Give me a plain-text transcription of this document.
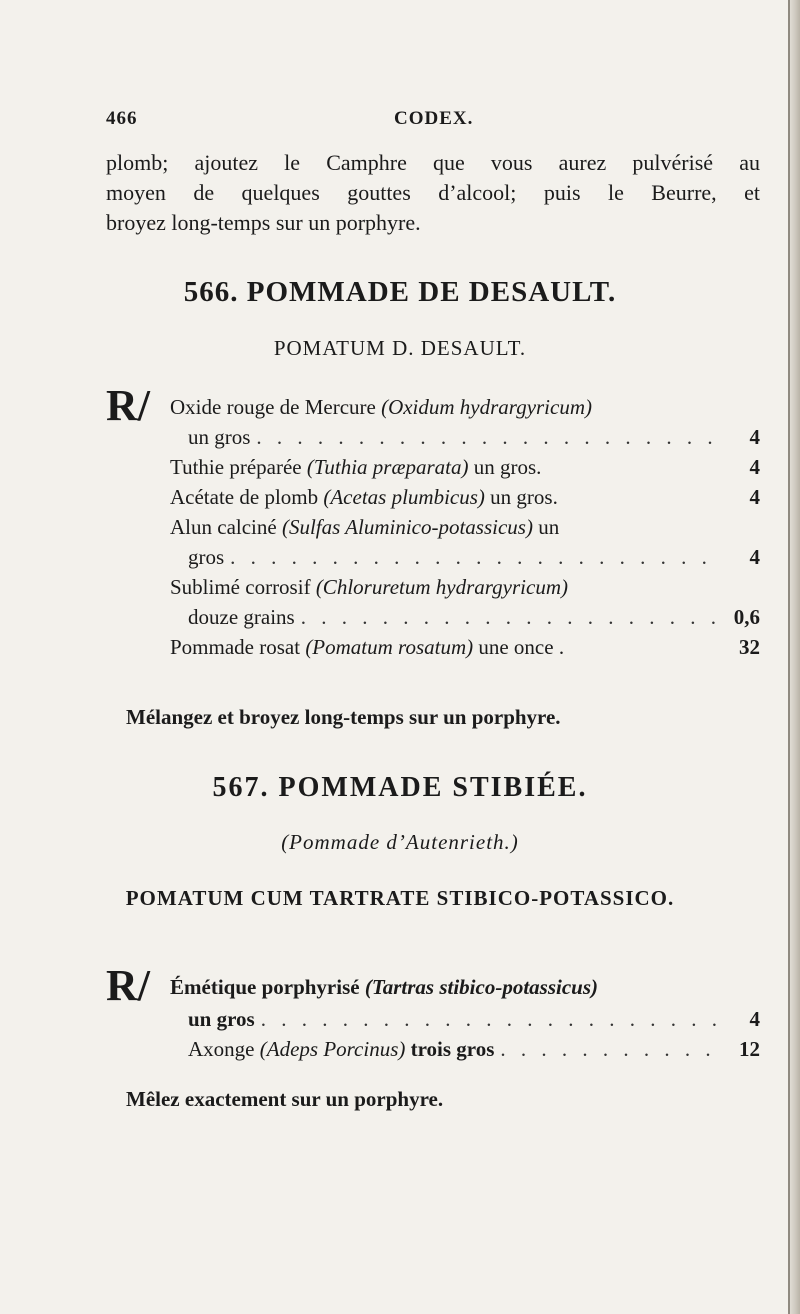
466	CODEX.
plomb; ajoutez le Camphre que vous aurez pulvérisé au
moyen de quelques gouttes d’alcool; puis le Beurre, et
broyez long-temps sur un porphyre.
566. POMMADE DE DESAULT.
POMATUM D. DESAULT.
R/ Oxide rouge de Mercure
(Oxidum hydrargyricum)
un gros . . .	4
Tuthie préparée
(Tuthia præparata)
un gros.	4
Acétate de plomb
(Acetas plumbicus)
un gros.	4
Alun calciné
(Sulfas Aluminico-potassicus)
un
gros . . .	4
Sublimé corrosif
(Chloruretum hydrargyricum)
douze grains . . .	0,6
Pommade rosat
(Pomatum rosatum)
une once .	32
Mélangez et broyez long-temps sur un porphyre.
567. POMMADE STIBIÉE.
(Pommade d’Autenrieth.)
POMATUM CUM TARTRATE STIBICO-POTASSICO.
R/ Émétique porphyrisé
(Tartras stibico-potassicus)
un gros . . .	4
Axonge
(Adeps Porcinus)
trois gros . . .	12
Mêlez exactement sur un porphyre.
